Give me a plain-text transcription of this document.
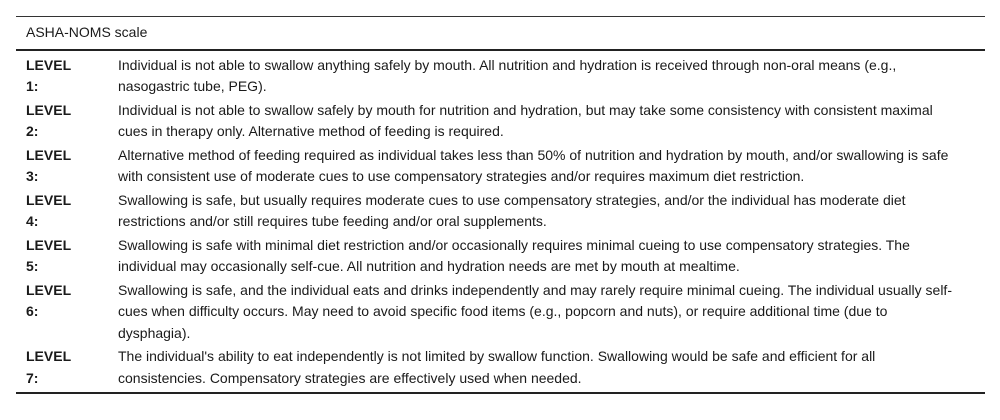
ASHA-NOMS scale	

LEVEL 1:	Individual is not able to swallow anything safely by mouth. All nutrition and hydration is received through non-oral means (e.g., nasogastric tube, PEG).

LEVEL 2:	Individual is not able to swallow safely by mouth for nutrition and hydration, but may take some consistency with consistent maximal cues in therapy only. Alternative method of feeding is required.

LEVEL 3:	Alternative method of feeding required as individual takes less than 50% of nutrition and hydration by mouth, and/or swallowing is safe with consistent use of moderate cues to use compensatory strategies and/or requires maximum diet restriction.

LEVEL 4:	Swallowing is safe, but usually requires moderate cues to use compensatory strategies, and/or the individual has moderate diet restrictions and/or still requires tube feeding and/or oral supplements.

LEVEL 5:	Swallowing is safe with minimal diet restriction and/or occasionally requires minimal cueing to use compensatory strategies. The individual may occasionally self-cue. All nutrition and hydration needs are met by mouth at mealtime.

LEVEL 6:	Swallowing is safe, and the individual eats and drinks independently and may rarely require minimal cueing. The individual usually self-cues when difficulty occurs. May need to avoid specific food items (e.g., popcorn and nuts), or require additional time (due to dysphagia).

LEVEL 7:	The individual's ability to eat independently is not limited by swallow function. Swallowing would be safe and efficient for all consistencies. Compensatory strategies are effectively used when needed.
